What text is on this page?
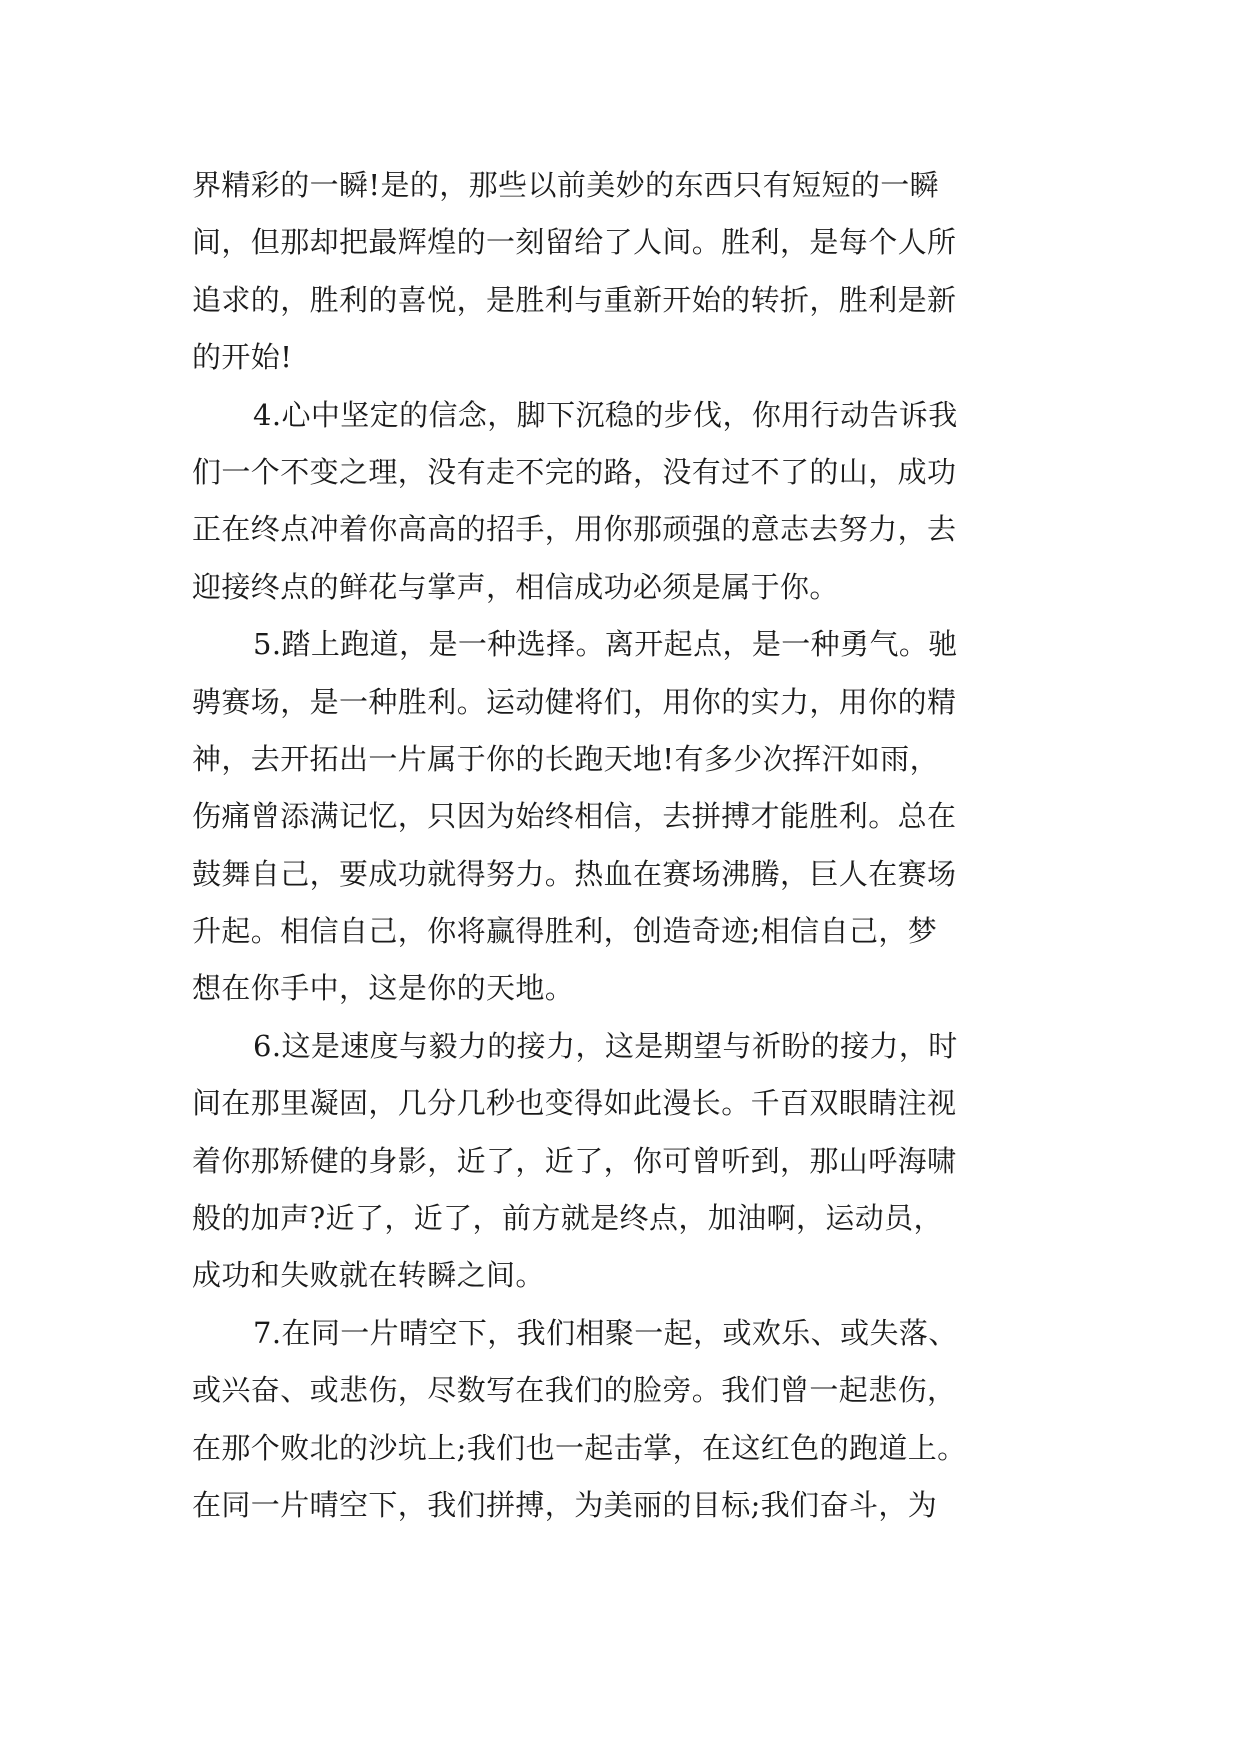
界精彩的一瞬!是的，那些以前美妙的东西只有短短的一瞬
间，但那却把最辉煌的一刻留给了人间。胜利，是每个人所
追求的，胜利的喜悦，是胜利与重新开始的转折，胜利是新
的开始!
4.心中坚定的信念，脚下沉稳的步伐，你用行动告诉我
们一个不变之理，没有走不完的路，没有过不了的山，成功
正在终点冲着你高高的招手，用你那顽强的意志去努力，去
迎接终点的鲜花与掌声，相信成功必须是属于你。
5.踏上跑道，是一种选择。离开起点，是一种勇气。驰
骋赛场，是一种胜利。运动健将们，用你的实力，用你的精
神，去开拓出一片属于你的长跑天地!有多少次挥汗如雨，
伤痛曾添满记忆，只因为始终相信，去拼搏才能胜利。总在
鼓舞自己，要成功就得努力。热血在赛场沸腾，巨人在赛场
升起。相信自己，你将赢得胜利，创造奇迹;相信自己，梦
想在你手中，这是你的天地。
6.这是速度与毅力的接力，这是期望与祈盼的接力，时
间在那里凝固，几分几秒也变得如此漫长。千百双眼睛注视
着你那矫健的身影，近了，近了，你可曾听到，那山呼海啸
般的加声?近了，近了，前方就是终点，加油啊，运动员，
成功和失败就在转瞬之间。
7.在同一片晴空下，我们相聚一起，或欢乐、或失落、
或兴奋、或悲伤，尽数写在我们的脸旁。我们曾一起悲伤，
在那个败北的沙坑上;我们也一起击掌，在这红色的跑道上。
在同一片晴空下，我们拼搏，为美丽的目标;我们奋斗，为
